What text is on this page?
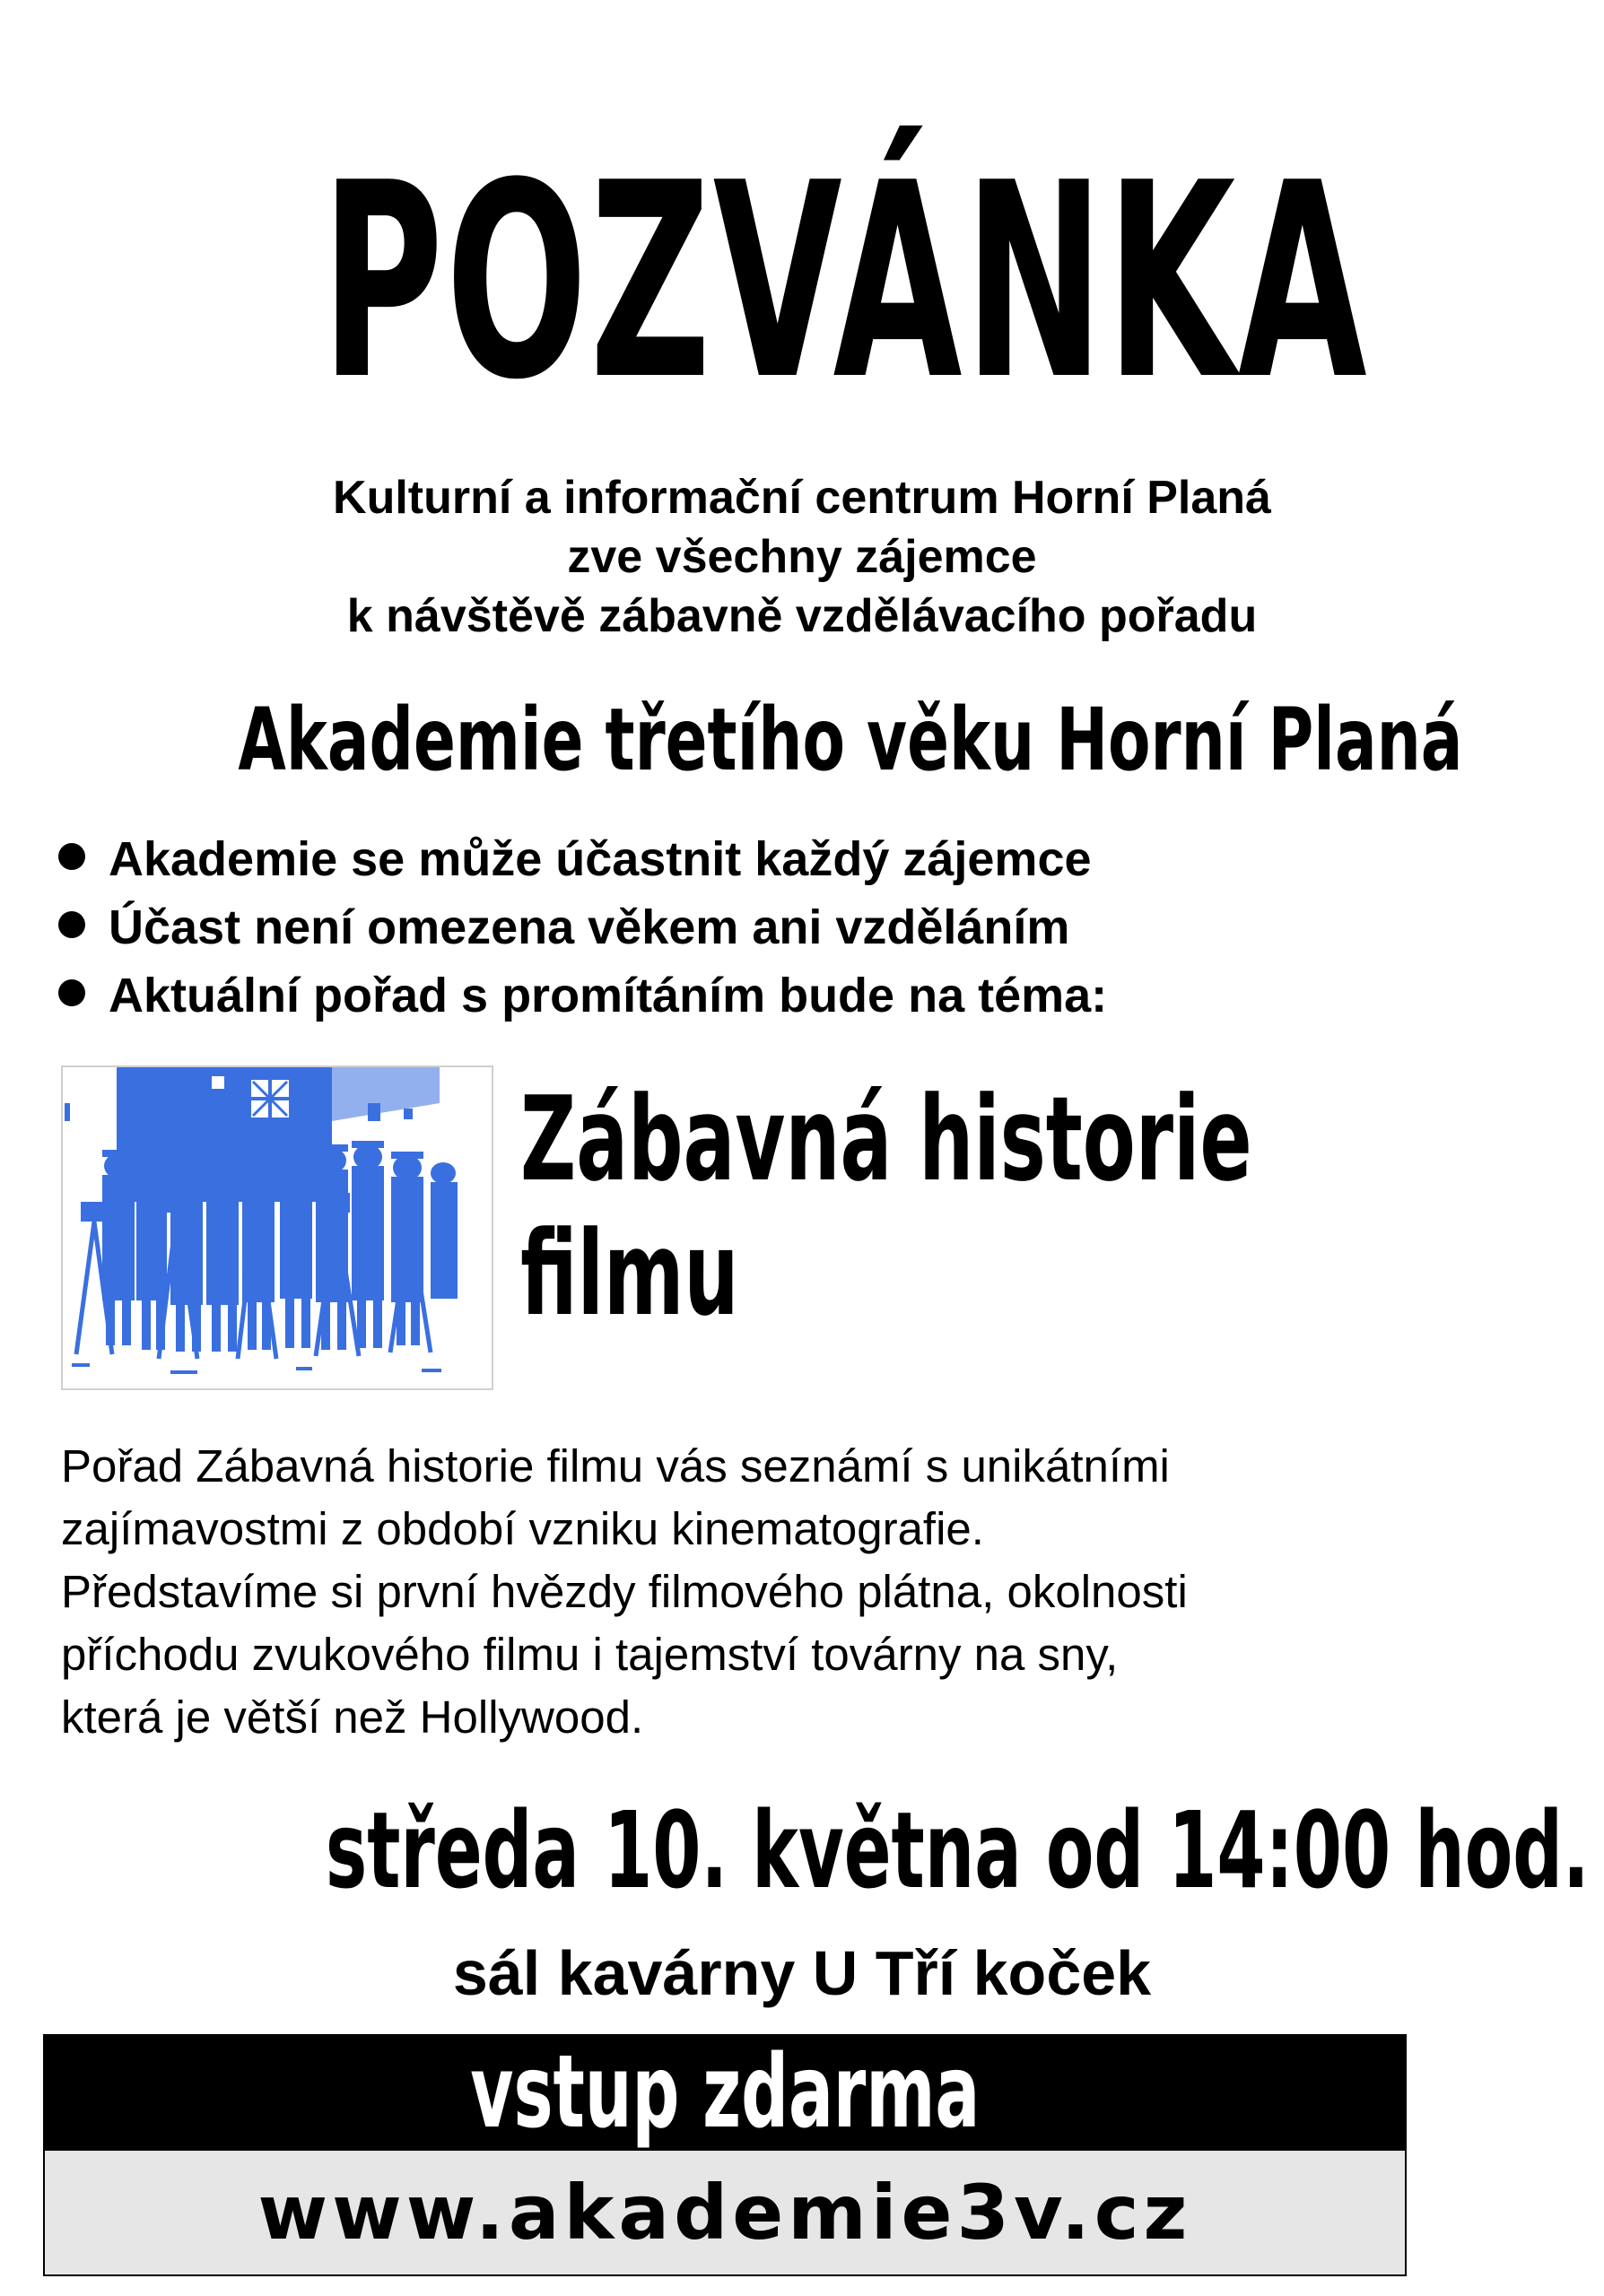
POZVÁNKA
Kulturní a informační centrum Horní Planá
zve všechny zájemce
k návštěvě zábavně vzdělávacího pořadu
Akademie třetího věku Horní Planá
Akademie se může účastnit každý zájemce
Účast není omezena věkem ani vzděláním
Aktuální pořad s promítáním bude na téma:
Zábavná historie
filmu
Pořad Zábavná historie filmu vás seznámí s unikátními
zajímavostmi z období vzniku kinematografie.
Představíme si první hvězdy filmového plátna, okolnosti
příchodu zvukového filmu i tajemství továrny na sny,
která je větší než Hollywood.
středa 10. května od 14:00 hod.
sál kavárny U Tří koček
vstup zdarma
www.akademie3v.cz
